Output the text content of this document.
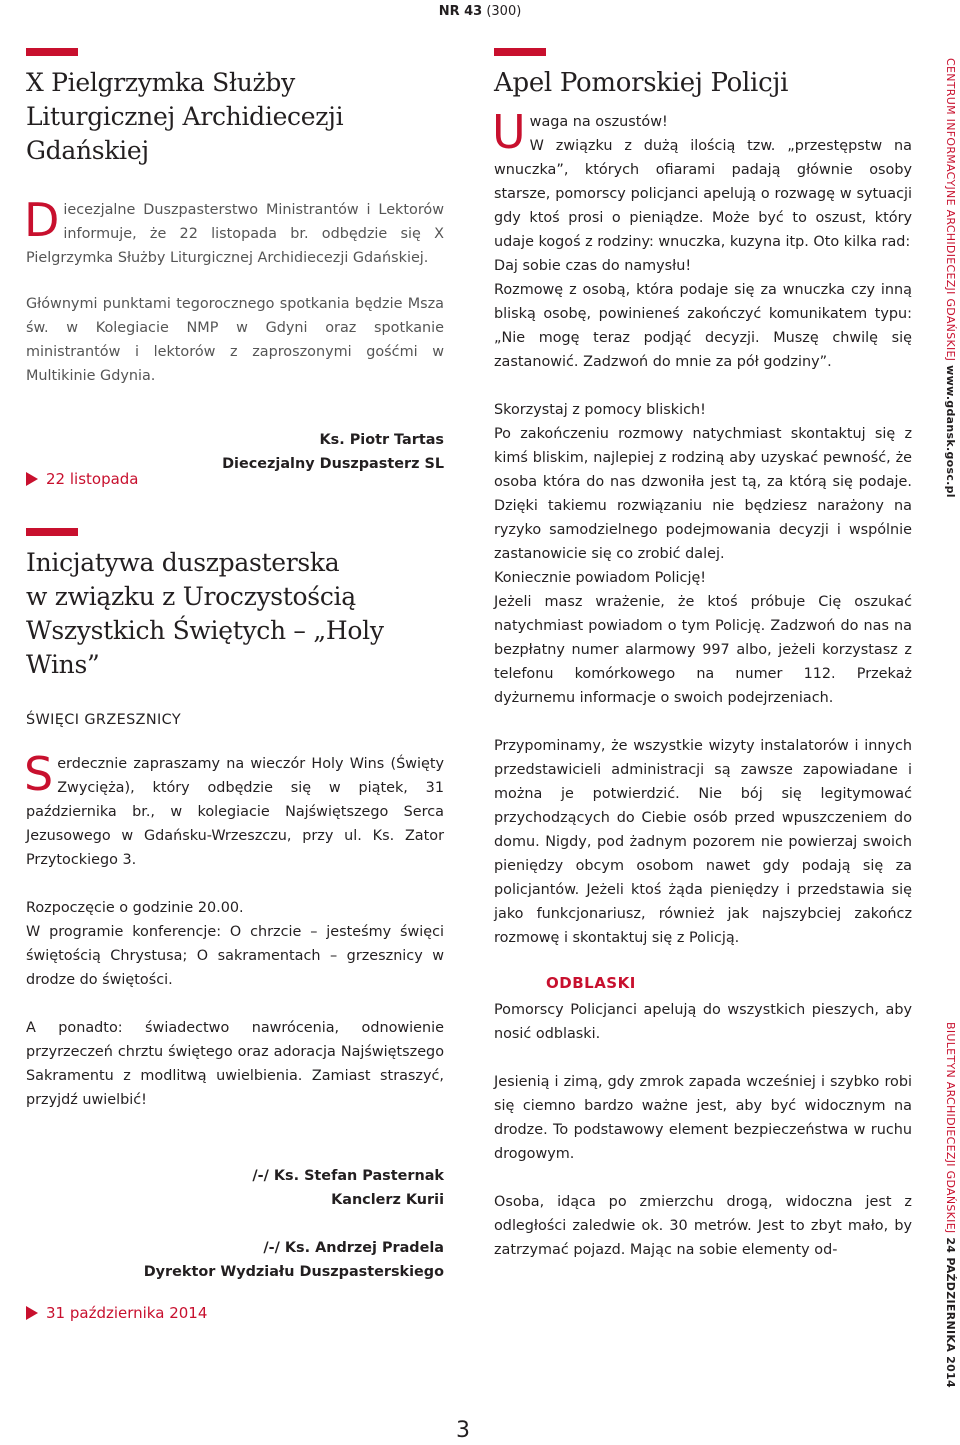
NR 43 (300)
X Pielgrzymka Służby
Liturgicznej Archidiecezji
Gdańskiej

Diecezjalne Duszpasterstwo Ministrantów i Lektorów informuje, że 22 listopada br. odbędzie się X Pielgrzymka Służby Liturgicznej Archidiecezji Gdańskiej.

Głównymi punktami tegorocznego spotkania będzie Msza św. w Kolegiacie NMP w Gdyni oraz spotkanie ministrantów i lektorów z zaproszonymi gośćmi w Multikinie Gdynia.

Ks. Piotr Tartas
Diecezjalny Duszpasterz SL
22 listopada
Inicjatywa duszpasterska
w związku z Uroczystością
Wszystkich Świętych – „Holy
Wins”
ŚWIĘCI GRZESZNICY

Serdecznie zapraszamy na wieczór Holy Wins (Święty Zwycięża), który odbędzie się w piątek, 31 października br., w kolegiacie Najświętszego Serca Jezusowego w Gdańsku-Wrzeszczu, przy ul. Ks. Zator Przytockiego 3.

Rozpoczęcie o godzinie 20.00.
W programie konferencje: O chrzcie – jesteśmy święci świętością Chrystusa; O sakramentach – grzesznicy w drodze do świętości.

A ponadto: świadectwo nawrócenia, odnowienie przyrzeczeń chrztu świętego oraz adoracja Najświętszego Sakramentu z modlitwą uwielbienia. Zamiast straszyć, przyjdź uwielbić!

/-/ Ks. Stefan Pasternak
Kanclerz Kurii
/-/ Ks. Andrzej Pradela
Dyrektor Wydziału Duszpasterskiego
31 października 2014
Apel Pomorskiej Policji

Uwaga na oszustów!
W związku z dużą ilością tzw. „przestępstw na wnuczka”, których ofiarami padają głównie osoby starsze, pomorscy policjanci apelują o rozwagę w sytuacji gdy ktoś prosi o pieniądze. Może być to oszust, który udaje kogoś z rodziny: wnuczka, kuzyna itp. Oto kilka rad:

Daj sobie czas do namysłu!
Rozmowę z osobą, która podaje się za wnuczka czy inną bliską osobę, powinieneś zakończyć komunikatem typu: „Nie mogę teraz podjąć decyzji. Muszę chwilę się zastanowić. Zadzwoń do mnie za pół godziny”.

Skorzystaj z pomocy bliskich!
Po zakończeniu rozmowy natychmiast skontaktuj się z kimś bliskim, najlepiej z rodziną aby uzyskać pewność, że osoba która do nas dzwoniła jest tą, za którą się podaje. Dzięki takiemu rozwiązaniu nie będziesz narażony na ryzyko samodzielnego podejmowania decyzji i wspólnie zastanowicie się co zrobić dalej.

Koniecznie powiadom Policję!
Jeżeli masz wrażenie, że ktoś próbuje Cię oszukać natychmiast powiadom o tym Policję. Zadzwoń do nas na bezpłatny numer alarmowy 997 albo, jeżeli korzystasz z telefonu komórkowego na numer 112. Przekaż dyżurnemu informacje o swoich podejrzeniach.

Przypominamy, że wszystkie wizyty instalatorów i innych przedstawicieli administracji są zawsze zapowiadane i można je potwierdzić. Nie bój się legitymować przychodzących do Ciebie osób przed wpuszczeniem do domu. Nigdy, pod żadnym pozorem nie powierzaj swoich pieniędzy obcym osobom nawet gdy podają się za policjantów. Jeżeli ktoś żąda pieniędzy i przedstawia się jako funkcjonariusz, również jak najszybciej zakończ rozmowę i skontaktuj się z Policją.

ODBLASKI

Pomorscy Policjanci apelują do wszystkich pieszych, aby nosić odblaski.

Jesienią i zimą, gdy zmrok zapada wcześniej i szybko robi się ciemno bardzo ważne jest, aby być widocznym na drodze. To podstawowy element bezpieczeństwa w ruchu drogowym.

Osoba, idąca po zmierzchu drogą, widoczna jest z odległości zaledwie ok. 30 metrów. Jest to zbyt mało, by zatrzymać pojazd. Mając na sobie elementy od-

CENTRUM INFORMACYJNE ARCHIDIECEZJI GDAŃSKIEJ www.gdansk.gosc.pl
BIULETYN ARCHIDIECEZJI GDAŃSKIEJ 24 PAŹDZIERNIKA 2014
3
